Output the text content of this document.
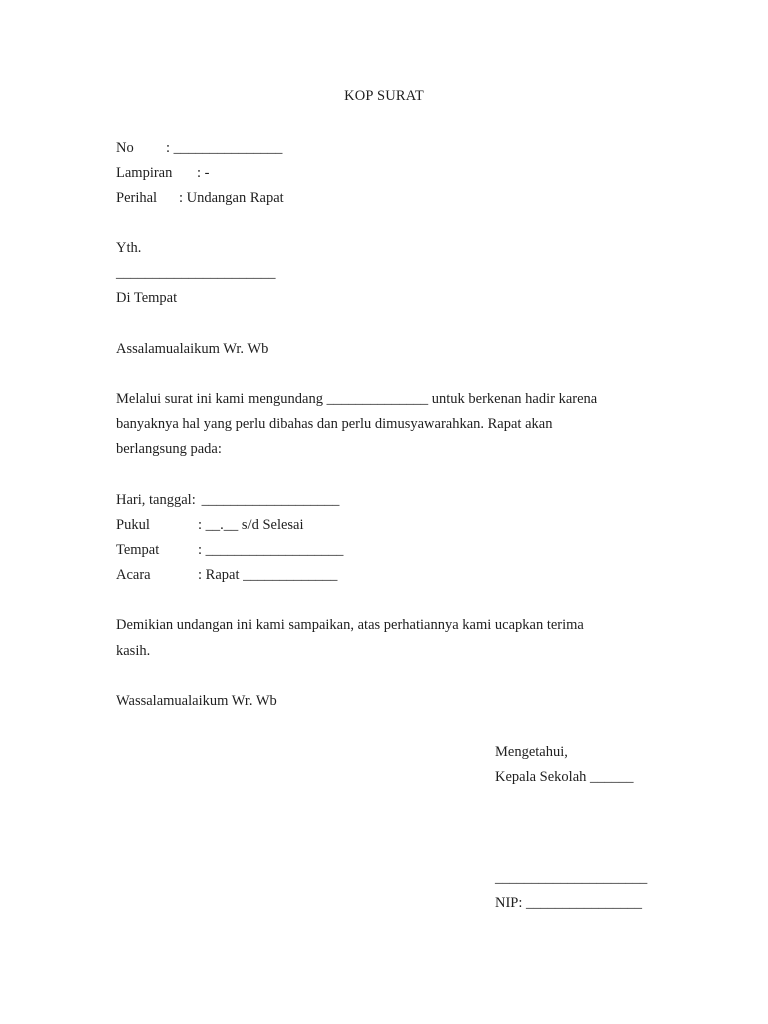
KOP SURAT
No : _______________
Lampiran : -
Perihal : Undangan Rapat
Yth.
______________________
Di Tempat
Assalamualaikum Wr. Wb
Melalui surat ini kami mengundang ______________ untuk berkenan hadir karena
banyaknya hal yang perlu dibahas dan perlu dimusyawarahkan. Rapat akan
berlangsung pada:
Hari, tanggal: ___________________
Pukul	: __.__ s/d Selesai
Tempat	: ___________________
Acara	: Rapat _____________
Demikian undangan ini kami sampaikan, atas perhatiannya kami ucapkan terima
kasih.
Wassalamualaikum Wr. Wb
Mengetahui,
Kepala Sekolah ______
_____________________
NIP: ________________
